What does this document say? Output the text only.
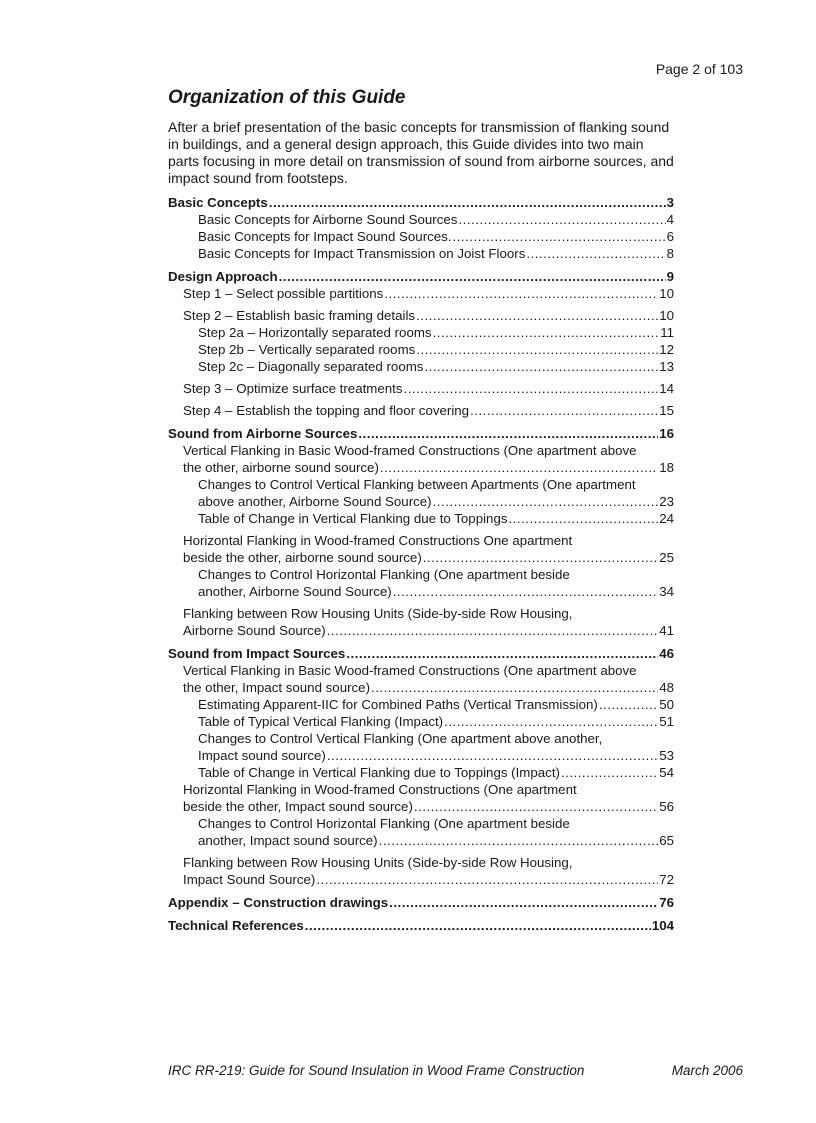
Page 2 of 103
Organization of this Guide

After a brief presentation of the basic concepts for transmission of flanking sound in buildings, and a general design approach, this Guide divides into two main parts focusing in more detail on transmission of sound from airborne sources, and impact sound from footsteps.

Basic Concepts .....	3
Basic Concepts for Airborne Sound Sources .....	4
Basic Concepts for Impact Sound Sources. .....	6
Basic Concepts for Impact Transmission on Joist Floors .....	8
Design Approach .....	9
Step 1 – Select possible partitions .....	10
Step 2 – Establish basic framing details .....	10
Step 2a – Horizontally separated rooms .....	11
Step 2b – Vertically separated rooms .....	12
Step 2c – Diagonally separated rooms .....	13
Step 3 – Optimize surface treatments .....	14
Step 4 – Establish the topping and floor covering .....	15
Sound from Airborne Sources .....	16
Vertical Flanking in Basic Wood-framed Constructions (One apartment above
the other, airborne sound source) .....	18
Changes to Control Vertical Flanking between Apartments (One apartment
above another, Airborne Sound Source) .....	23
Table of Change in Vertical Flanking due to Toppings .....	24
Horizontal Flanking in Wood-framed Constructions One apartment
beside the other, airborne sound source) .....	25
Changes to Control Horizontal Flanking (One apartment beside
another, Airborne Sound Source) .....	34
Flanking between Row Housing Units (Side-by-side Row Housing,
Airborne Sound Source) .....	41
Sound from Impact Sources .....	46
Vertical Flanking in Basic Wood-framed Constructions (One apartment above
the other, Impact sound source) .....	48
Estimating Apparent-IIC for Combined Paths (Vertical Transmission) .....	50
Table of Typical Vertical Flanking (Impact) .....	51
Changes to Control Vertical Flanking (One apartment above another,
Impact sound source) .....	53
Table of Change in Vertical Flanking due to Toppings (Impact) .....	54
Horizontal Flanking in Wood-framed Constructions (One apartment
beside the other, Impact sound source) .....	56
Changes to Control Horizontal Flanking (One apartment beside
another, Impact sound source) .....	65
Flanking between Row Housing Units (Side-by-side Row Housing,
Impact Sound Source) .....	72
Appendix – Construction drawings .....	76
Technical References .....	104
IRC RR-219: Guide for Sound Insulation in Wood Frame Construction	March 2006
